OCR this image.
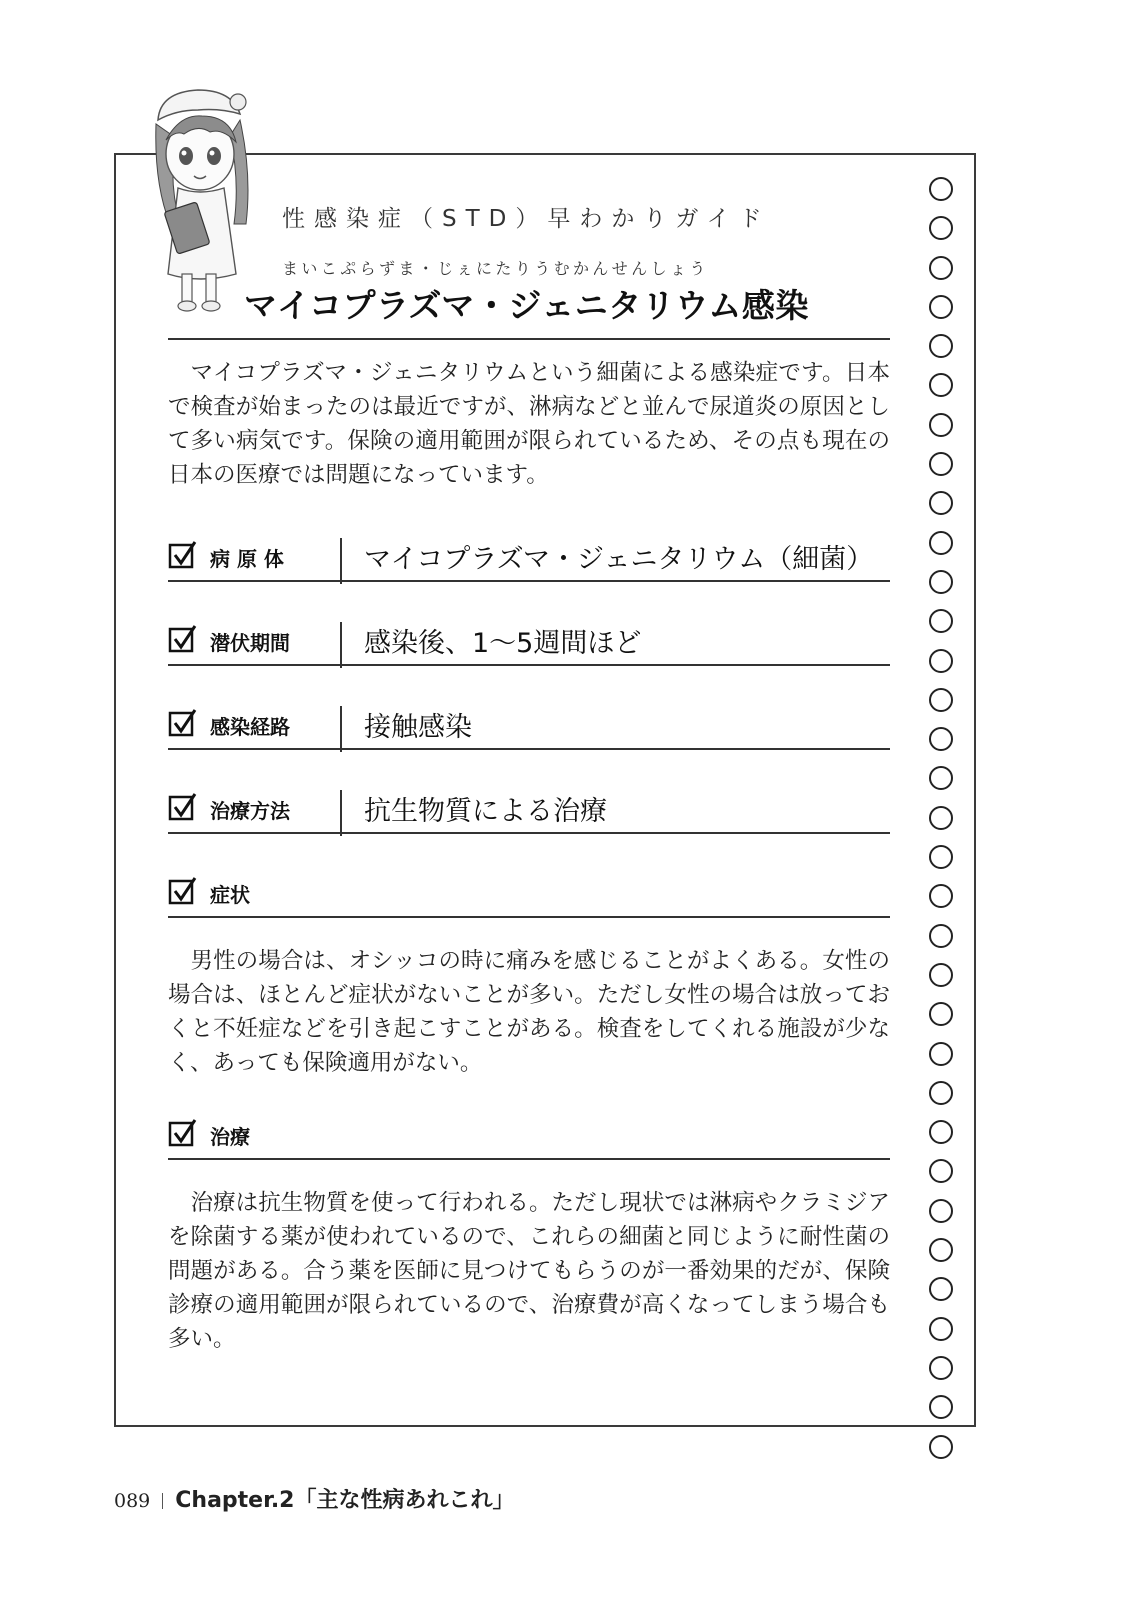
性感染症（STD）早わかりガイド
まいこぷらずま・じぇにたりうむかんせんしょう
マイコプラズマ・ジェニタリウム感染

マイコプラズマ・ジェニタリウムという細菌による感染症です。日本で検査が始まったのは最近ですが、淋病などと並んで尿道炎の原因として多い病気です。保険の適用範囲が限られているため、その点も現在の日本の医療では問題になっています。

病 原 体	マイコプラズマ・ジェニタリウム（細菌）
潜伏期間	感染後、1〜5週間ほど
感染経路	接触感染
治療方法	抗生物質による治療
症状

男性の場合は、オシッコの時に痛みを感じることがよくある。女性の場合は、ほとんど症状がないことが多い。ただし女性の場合は放っておくと不妊症などを引き起こすことがある。検査をしてくれる施設が少なく、あっても保険適用がない。

治療

治療は抗生物質を使って行われる。ただし現状では淋病やクラミジアを除菌する薬が使われているので、これらの細菌と同じように耐性菌の問題がある。合う薬を医師に見つけてもらうのが一番効果的だが、保険診療の適用範囲が限られているので、治療費が高くなってしまう場合も多い。

089 Chapter.2「主な性病あれこれ」
